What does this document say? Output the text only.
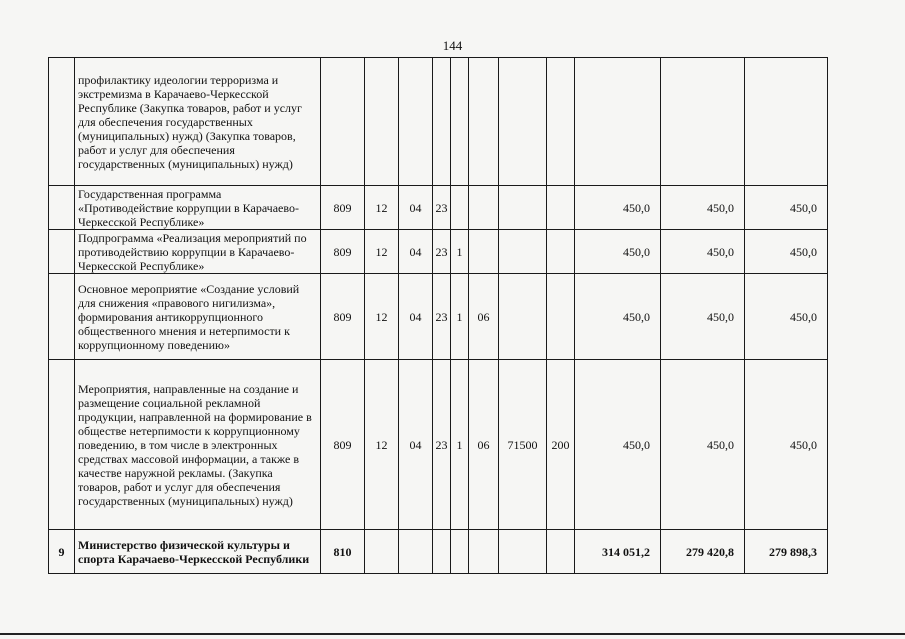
144
	профилактику идеологии терроризма и экстремизма в Карачаево-Черкесской Республике (Закупка товаров, работ и услуг для обеспечения государственных (муниципальных) нужд) (Закупка товаров, работ и услуг для обеспечения государственных (муниципальных) нужд)											
	Государственная программа «Противодействие коррупции в Карачаево-Черкесской Республике»	809	12	04	23					450,0	450,0	450,0
	Подпрограмма «Реализация мероприятий по противодействию коррупции в Карачаево-Черкесской Республике»	809	12	04	23	1				450,0	450,0	450,0
	Основное мероприятие «Создание условий для снижения «правового нигилизма», формирования антикоррупционного общественного мнения и нетерпимости к коррупционному поведению»	809	12	04	23	1	06			450,0	450,0	450,0
	Мероприятия, направленные на создание и размещение социальной рекламной продукции, направленной на формирование в обществе нетерпимости к коррупционному поведению, в том числе в электронных средствах массовой информации, а также в качестве наружной рекламы. (Закупка товаров, работ и услуг для обеспечения государственных (муниципальных) нужд)	809	12	04	23	1	06	71500	200	450,0	450,0	450,0
9	Министерство физической культуры и спорта Карачаево-Черкесской Республики	810								314 051,2	279 420,8	279 898,3
